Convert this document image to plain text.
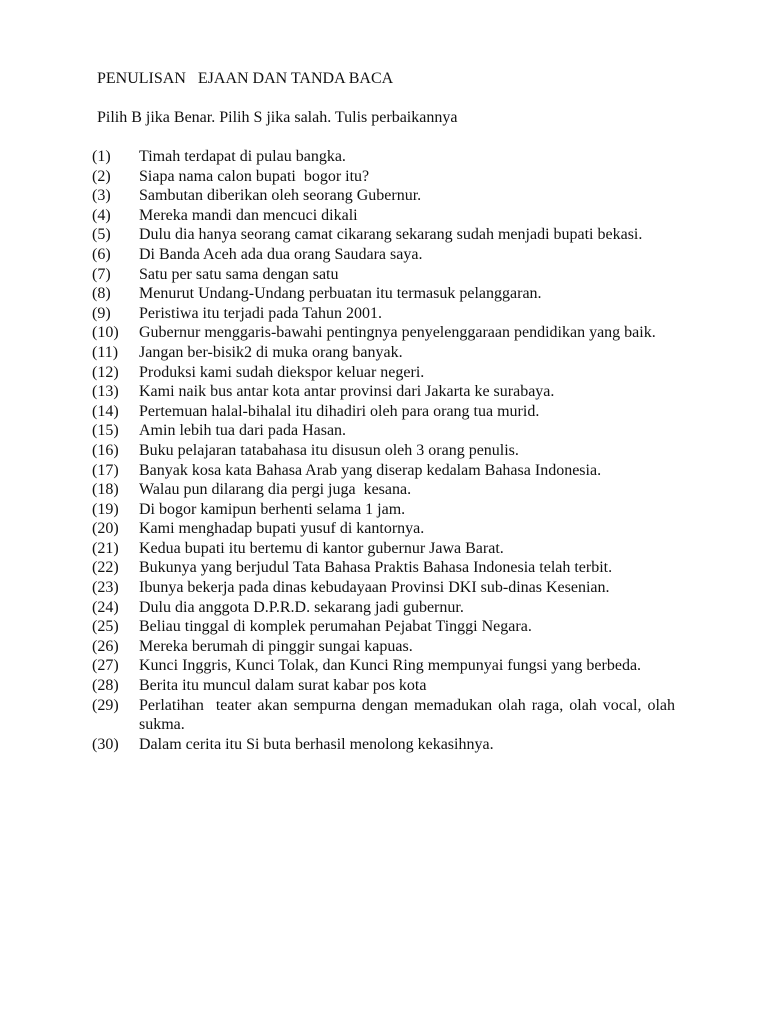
PENULISAN   EJAAN DAN TANDA BACA
Pilih B jika Benar. Pilih S jika salah. Tulis perbaikannya
(1)	Timah terdapat di pulau bangka.
(2)	Siapa nama calon bupati  bogor itu?
(3)	Sambutan diberikan oleh seorang Gubernur.
(4)	Mereka mandi dan mencuci dikali
(5)	Dulu dia hanya seorang camat cikarang sekarang sudah menjadi bupati bekasi.
(6)	Di Banda Aceh ada dua orang Saudara saya.
(7)	Satu per satu sama dengan satu
(8)	Menurut Undang-Undang perbuatan itu termasuk pelanggaran.
(9)	Peristiwa itu terjadi pada Tahun 2001.
(10)	Gubernur menggaris-bawahi pentingnya penyelenggaraan pendidikan yang baik.
(11)	Jangan ber-bisik2 di muka orang banyak.
(12)	Produksi kami sudah diekspor keluar negeri.
(13)	Kami naik bus antar kota antar provinsi dari Jakarta ke surabaya.
(14)	Pertemuan halal-bihalal itu dihadiri oleh para orang tua murid.
(15)	Amin lebih tua dari pada Hasan.
(16)	Buku pelajaran tatabahasa itu disusun oleh 3 orang penulis.
(17)	Banyak kosa kata Bahasa Arab yang diserap kedalam Bahasa Indonesia.
(18)	Walau pun dilarang dia pergi juga  kesana.
(19)	Di bogor kamipun berhenti selama 1 jam.
(20)	Kami menghadap bupati yusuf di kantornya.
(21)	Kedua bupati itu bertemu di kantor gubernur Jawa Barat.
(22)	Bukunya yang berjudul Tata Bahasa Praktis Bahasa Indonesia telah terbit.
(23)	Ibunya bekerja pada dinas kebudayaan Provinsi DKI sub-dinas Kesenian.
(24)	Dulu dia anggota D.P.R.D. sekarang jadi gubernur.
(25)	Beliau tinggal di komplek perumahan Pejabat Tinggi Negara.
(26)	Mereka berumah di pinggir sungai kapuas.
(27)	Kunci Inggris, Kunci Tolak, dan Kunci Ring mempunyai fungsi yang berbeda.
(28)	Berita itu muncul dalam surat kabar pos kota
(29)	Perlatihan  teater akan sempurna dengan memadukan olah raga, olah vocal, olah sukma.
(30)	Dalam cerita itu Si buta berhasil menolong kekasihnya.
